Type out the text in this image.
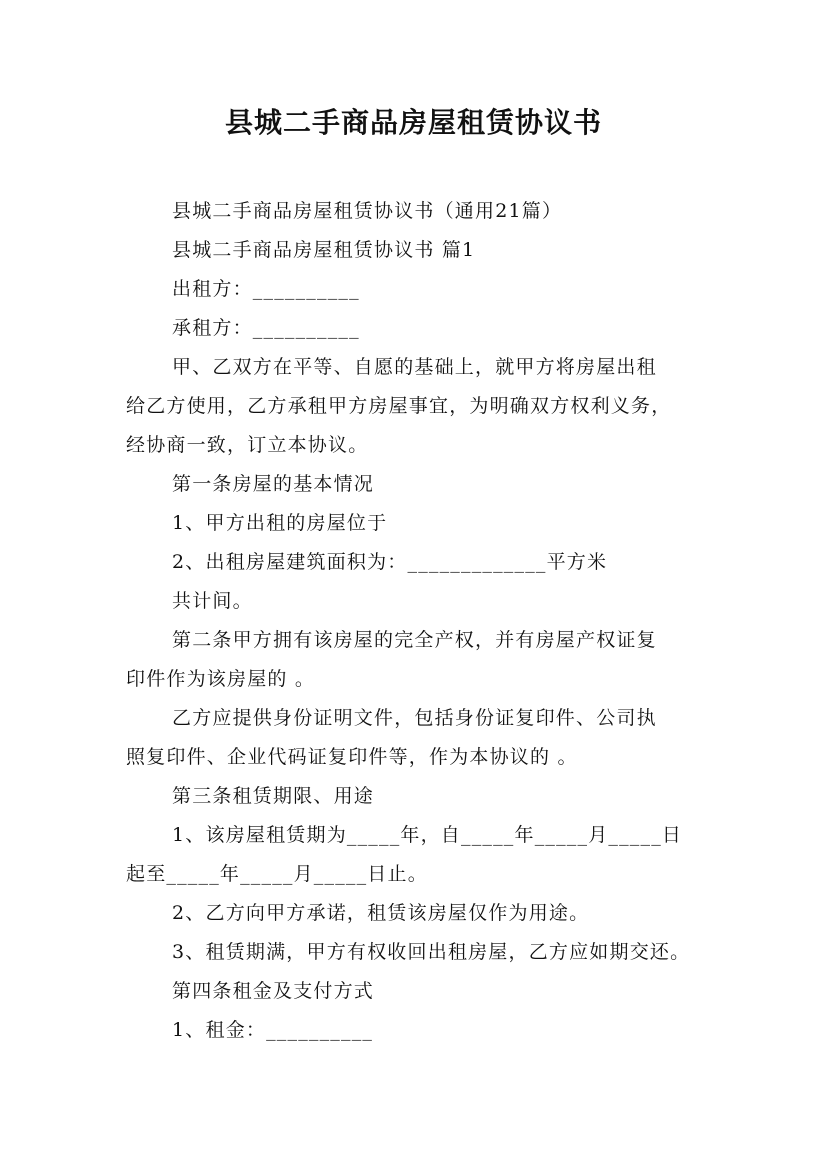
县城二手商品房屋租赁协议书
县城二手商品房屋租赁协议书（通用21篇）
县城二手商品房屋租赁协议书 篇1
出租方：__________
承租方：__________
甲、乙双方在平等、自愿的基础上，就甲方将房屋出租
给乙方使用，乙方承租甲方房屋事宜，为明确双方权利义务，
经协商一致，订立本协议。
第一条房屋的基本情况
1、甲方出租的房屋位于
2、出租房屋建筑面积为：_____________平方米
共计间。
第二条甲方拥有该房屋的完全产权，并有房屋产权证复
印件作为该房屋的 。
乙方应提供身份证明文件，包括身份证复印件、公司执
照复印件、企业代码证复印件等，作为本协议的 。
第三条租赁期限、用途
1、该房屋租赁期为_____年，自_____年_____月_____日
起至_____年_____月_____日止。
2、乙方向甲方承诺，租赁该房屋仅作为用途。
3、租赁期满，甲方有权收回出租房屋，乙方应如期交还。
第四条租金及支付方式
1、租金：__________
